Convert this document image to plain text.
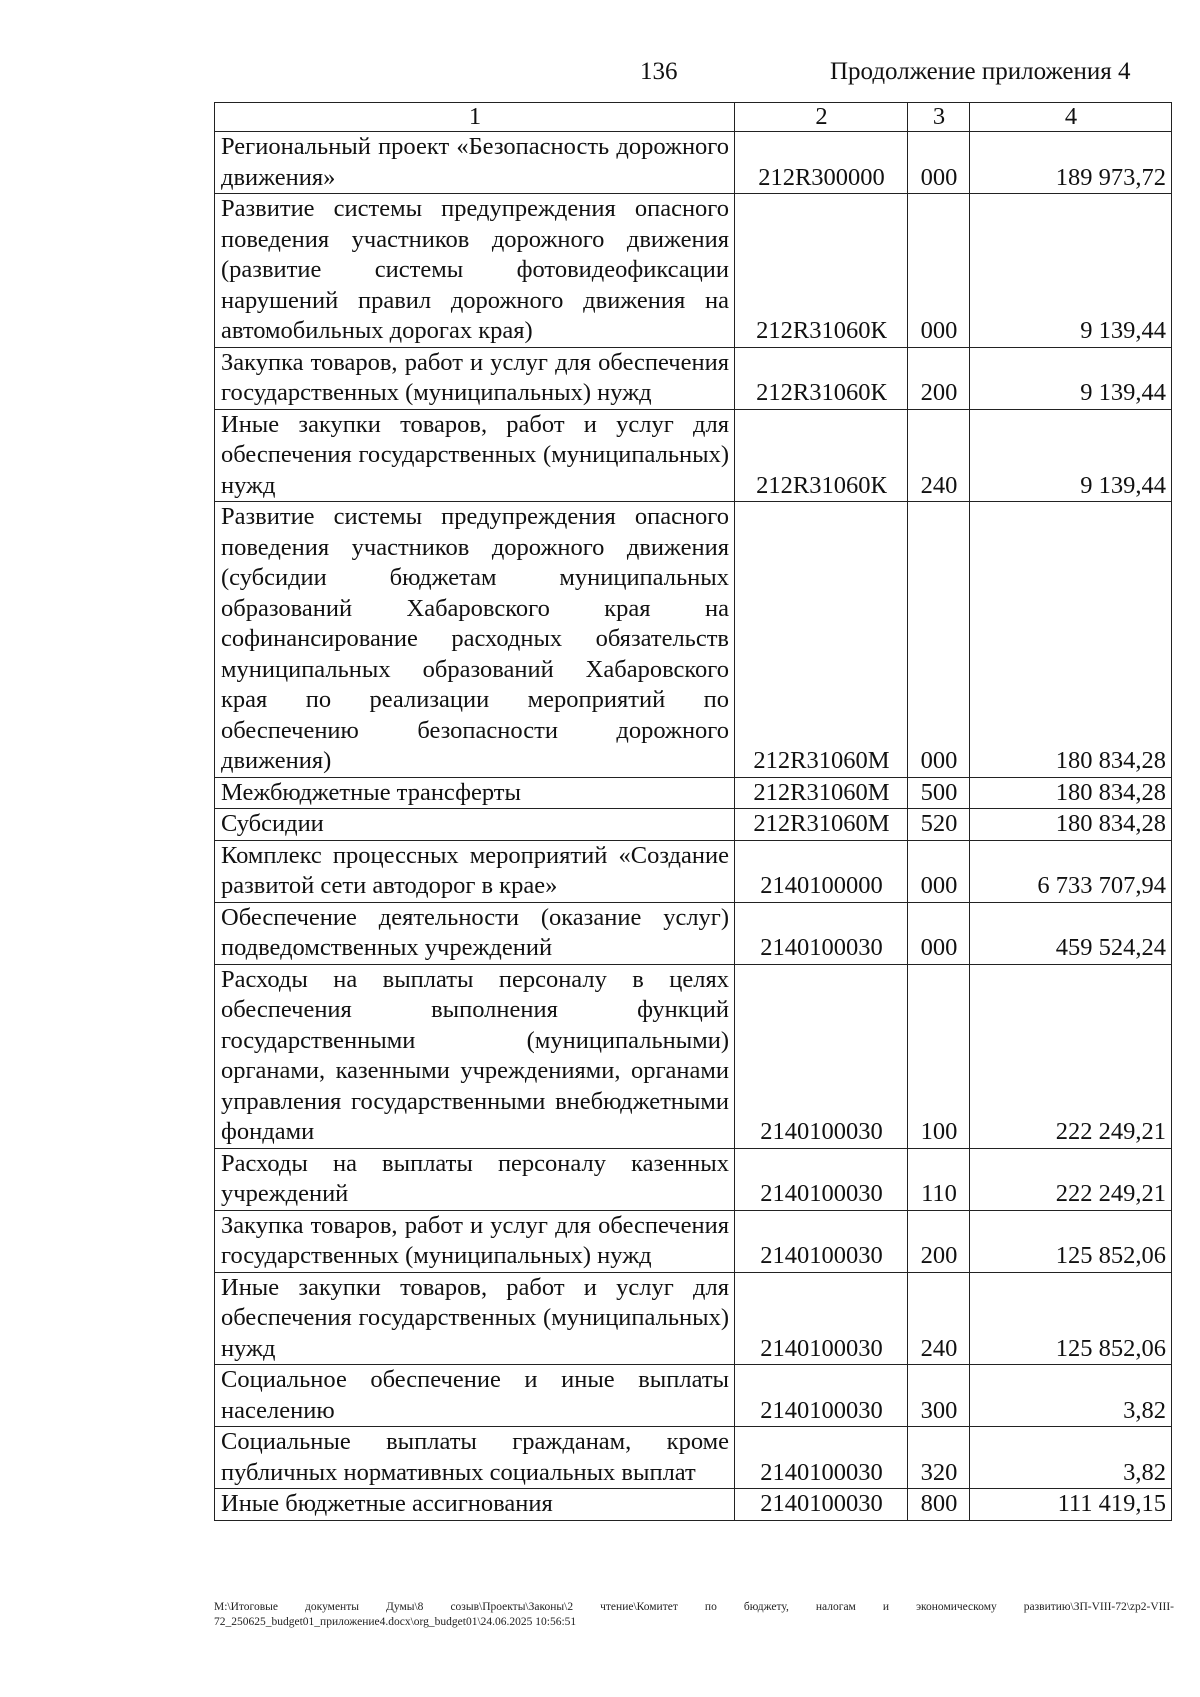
136	Продолжение приложения 4
1	2	3	4
Региональный проект «Безопасность дорожного движения»	212R300000	000	189 973,72
Развитие системы предупреждения опасного поведения участников дорожного движения (развитие системы фотовидеофиксации нарушений правил дорожного движения на автомобильных дорогах края)	212R31060К	000	9 139,44
Закупка товаров, работ и услуг для обеспечения государственных (муниципальных) нужд	212R31060К	200	9 139,44
Иные закупки товаров, работ и услуг для обеспечения государственных (муниципальных) нужд	212R31060К	240	9 139,44
Развитие системы предупреждения опасного поведения участников дорожного движения (субсидии бюджетам муниципальных образований Хабаровского края на софинансирование расходных обязательств муниципальных образований Хабаровского края по реализации мероприятий по обеспечению безопасности дорожного движения)	212R31060М	000	180 834,28
Межбюджетные трансферты	212R31060М	500	180 834,28
Субсидии	212R31060М	520	180 834,28
Комплекс процессных мероприятий «Создание развитой сети автодорог в крае»	2140100000	000	6 733 707,94
Обеспечение деятельности (оказание услуг) подведомственных учреждений	2140100030	000	459 524,24
Расходы на выплаты персоналу в целях обеспечения выполнения функций государственными (муниципальными) органами, казенными учреждениями, органами управления государственными внебюджетными фондами	2140100030	100	222 249,21
Расходы на выплаты персоналу казенных учреждений	2140100030	110	222 249,21
Закупка товаров, работ и услуг для обеспечения государственных (муниципальных) нужд	2140100030	200	125 852,06
Иные закупки товаров, работ и услуг для обеспечения государственных (муниципальных) нужд	2140100030	240	125 852,06
Социальное обеспечение и иные выплаты населению	2140100030	300	3,82
Социальные выплаты гражданам, кроме публичных нормативных социальных выплат	2140100030	320	3,82
Иные бюджетные ассигнования	2140100030	800	111 419,15
M:\Итоговые документы Думы\8 созыв\Проекты\Законы\2 чтение\Комитет по бюджету, налогам и экономическому развитию\ЗП-VIII-72\zp2-VIII-72_250625_budget01_приложение4.docx\org_budget01\24.06.2025 10:56:51
